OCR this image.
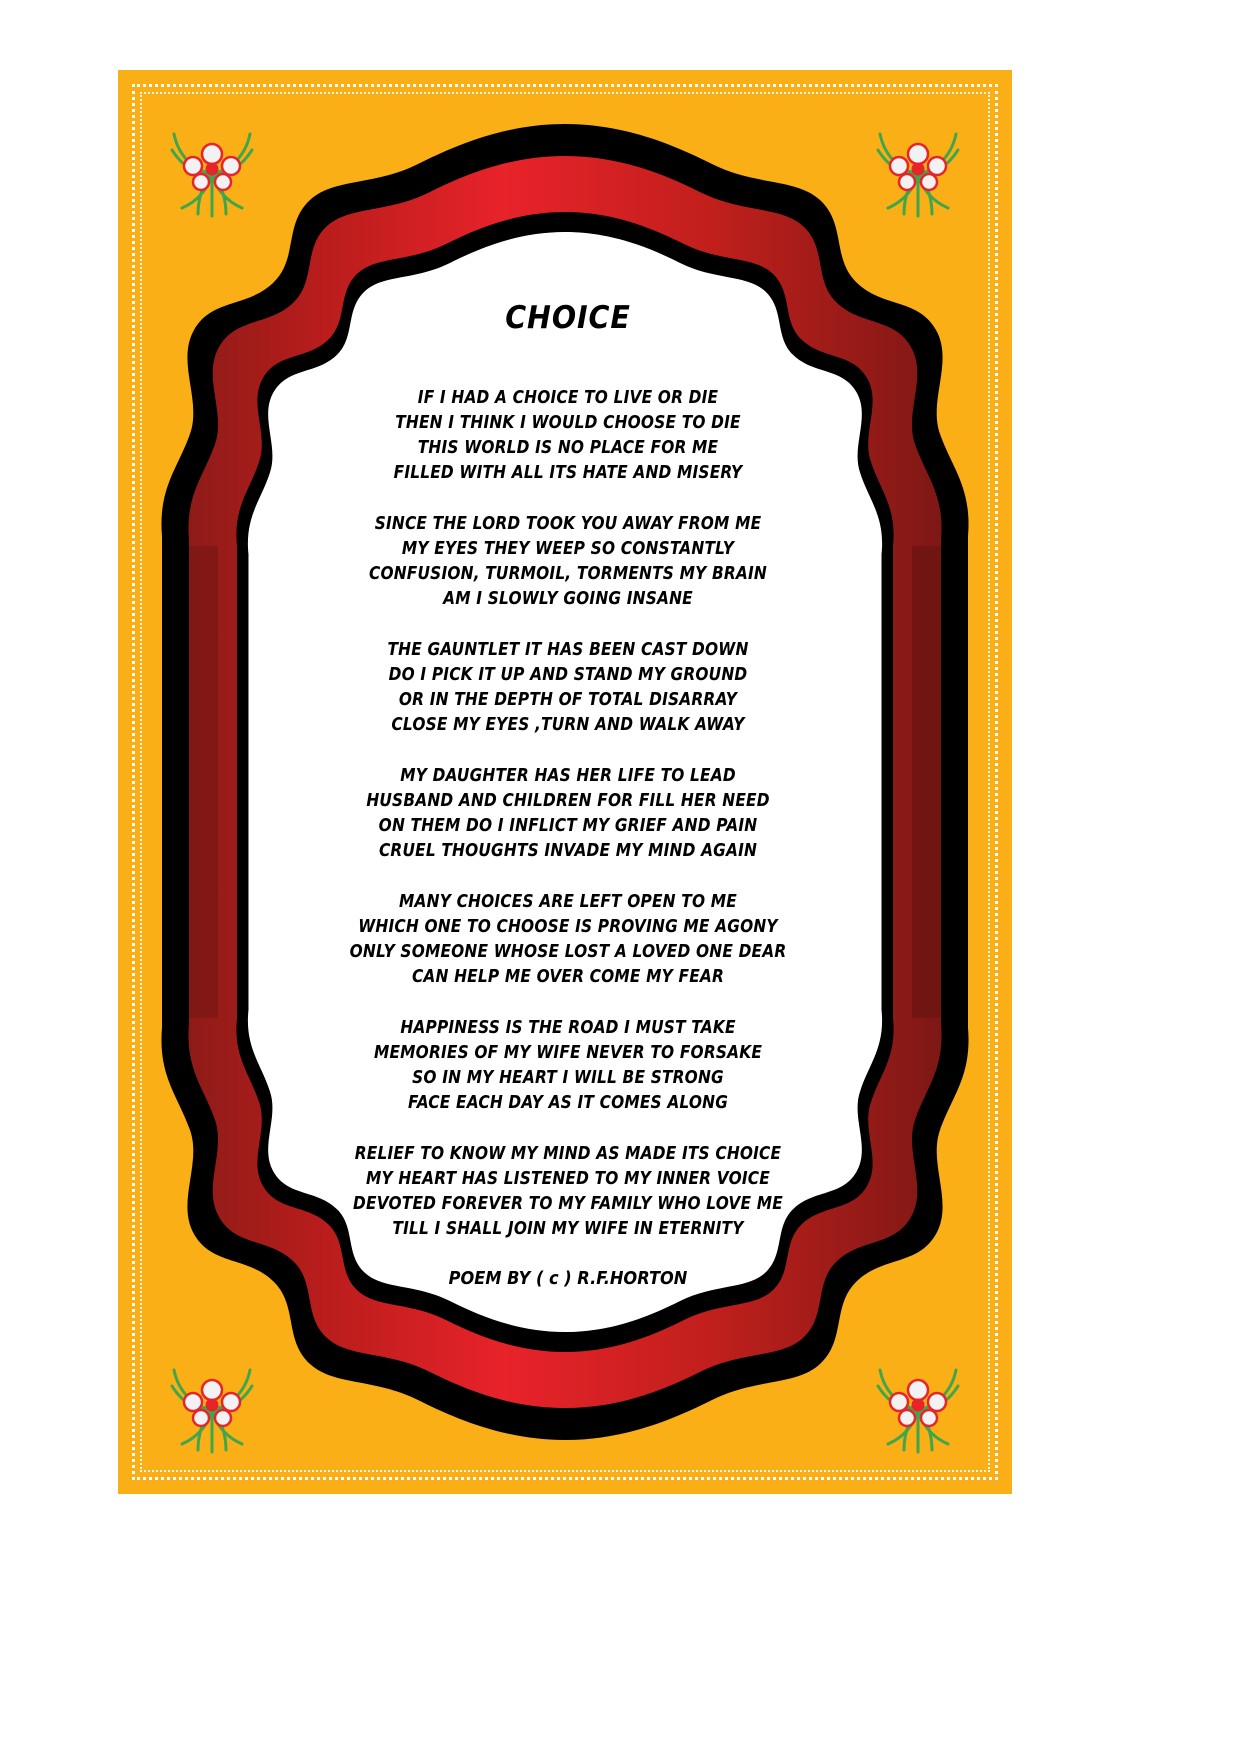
CHOICE
IF I HAD A CHOICE TO LIVE OR DIE
THEN I THINK I WOULD CHOOSE TO DIE
THIS WORLD IS NO PLACE FOR ME
FILLED WITH ALL ITS HATE AND MISERY
SINCE THE LORD TOOK YOU AWAY FROM ME
MY EYES THEY WEEP SO CONSTANTLY
CONFUSION, TURMOIL, TORMENTS MY BRAIN
AM I SLOWLY GOING INSANE
THE GAUNTLET IT HAS BEEN CAST DOWN
DO I PICK IT UP AND STAND MY GROUND
OR IN THE DEPTH OF TOTAL DISARRAY
CLOSE MY EYES ,TURN AND WALK AWAY
MY DAUGHTER HAS HER LIFE TO LEAD
HUSBAND AND CHILDREN FOR FILL HER NEED
ON THEM DO I INFLICT MY GRIEF AND PAIN
CRUEL THOUGHTS INVADE MY MIND AGAIN
MANY CHOICES ARE LEFT OPEN TO ME
WHICH ONE TO CHOOSE IS PROVING ME AGONY
ONLY SOMEONE WHOSE LOST A LOVED ONE DEAR
CAN HELP ME OVER COME MY FEAR
HAPPINESS IS THE ROAD I MUST TAKE
MEMORIES OF MY WIFE NEVER TO FORSAKE
SO IN MY HEART I WILL BE STRONG
FACE EACH DAY AS IT COMES ALONG
RELIEF TO KNOW MY MIND AS MADE ITS CHOICE
MY HEART HAS LISTENED TO MY INNER VOICE
DEVOTED FOREVER TO MY FAMILY WHO LOVE ME
TILL I SHALL JOIN MY WIFE IN ETERNITY
POEM BY ( c ) R.F.HORTON
